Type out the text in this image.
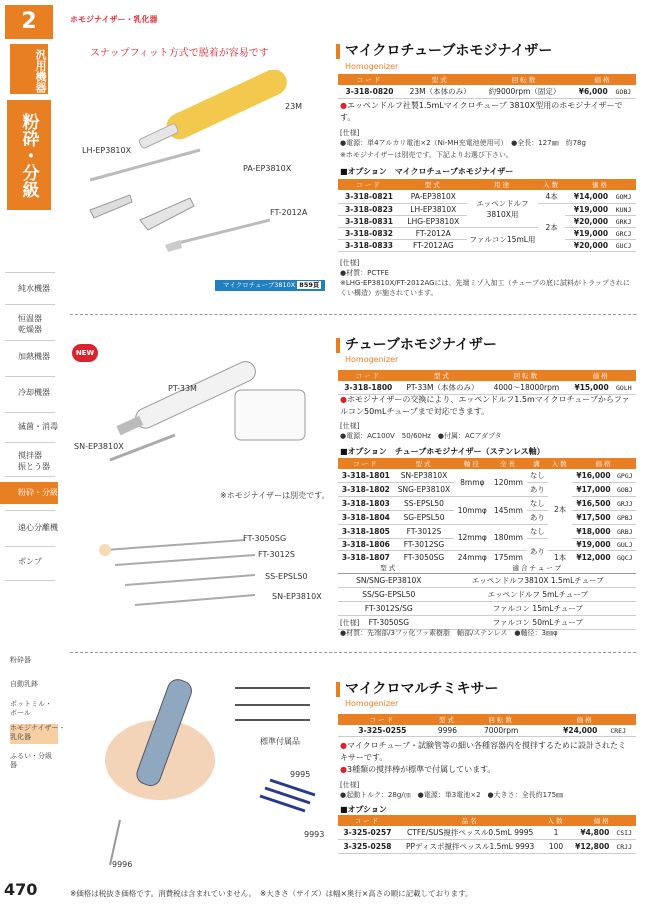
2
汎用機器
粉砕・分級
純水機器
恒温器
乾燥器
加熱機器
冷却機器
滅菌・消毒
撹拌器
振とう器
粉砕・分級
遠心分離機
ポンプ
粉砕器
自動乳鉢
ポットミル・
ボール
ホモジナイザー・
乳化器
ふるい・分級器
470	※価格は税抜き価格です。消費税は含まれていません。　※大きさ（サイズ）は幅×奥行×高さの順に記載しております。
ホモジナイザー・乳化器
スナップフィット方式で脱着が容易です
23M
LH-EP3810X
PA-EP3810X
FT-2012A
マイクロチューブ3810X 859頁
マイクロチューブホモジナイザー
Homogenizer
コード	型式	回転数	価格	
3-318-0820	23M（本体のみ）	約9000rpm（固定）	¥6,000	GOBJ
●エッペンドルフ社製1.5mLマイクロチューブ 3810X型用のホモジナイザーです。
[仕様]
●電源：単4アルカリ電池×2（Ni-MH充電池使用可）　●全長：127㎜　約78g
※ホモジナイザーは別売です。下記よりお選び下さい。
■オプション　マイクロチューブホモジナイザー
コード	型式	用途	入数	価格	
3-318-0821	PA-EP3810X	エッペンドルフ3810X用	4本	¥14,000	GOMJ
3-318-0823	LH-EP3810X		2本	¥19,000	KUNJ
3-318-0831	LHG-EP3810X			¥20,000	GRKJ
3-318-0832	FT-2012A	ファルコン15mL用		¥19,000	GRCJ
3-318-0833	FT-2012AG			¥20,000	GUCJ
[仕様]
●材質：PCTFE
※LHG-EP3810X/FT-2012AGには、先端ミゾ入加工（チューブの底に試料がトラップされにくい構造）が施されています。
NEW
PT-33M
SN-EP3810X
※ホモジナイザーは別売です。
FT-3050SG
FT-3012S
SS-EPSL50
SN-EP3810X
チューブホモジナイザー
Homogenizer
コード	型式	回転数	価格	
3-318-1800	PT-33M（本体のみ）	4000〜18000rpm	¥15,000	GOLH
●ホモジナイザーの交換により、エッペンドルフ1.5mマイクロチューブからファルコン50mLチューブまで対応できます。
[仕様]
●電源：AC100V　50/60Hz　●付属：ACアダプタ
■オプション　チューブホモジナイザー（ステンレス軸）
コード	型式	軸径	全長	溝	入数	価格	
3-318-1801	SN-EP3810X	8mmφ	120mm	なし	2本	¥16,000	GPGJ
3-318-1802	SNG-EP3810X			あり		¥17,000	GOBJ
3-318-1803	SS-EPSL50	10mmφ	145mm	なし		¥16,500	GRJJ
3-318-1804	SG-EPSL50			あり		¥17,500	GPBJ
3-318-1805	FT-3012S	12mmφ	180mm	なし		¥18,000	GRBJ
3-318-1806	FT-3012SG			あり		¥19,000	GULJ
3-318-1807	FT-3050SG	24mmφ	175mm		1本	¥12,000	GQCJ
型式	適合チューブ
SN/SNG-EP3810X	エッペンドルフ3810X 1.5mLチューブ
SS/SG-EPSL50	エッペンドルフ 5mLチューブ
FT-3012S/SG	ファルコン 15mLチューブ
FT-3050SG	ファルコン 50mLチューブ
[仕様]
●材質：先端部/3フッ化フッ素樹脂　軸部/ステンレス　●軸径：3㎜φ
標準付属品
9995
9993
9996
マイクロマルチミキサー
Homogenizer
コード	型式	回転数	価格	
3-325-0255	9996	7000rpm	¥24,000	CREJ
●マイクロチューブ・試験管等の細い各種容器内を撹拌するために設計されたミキサーです。
●3種類の撹拌棒が標準で付属しています。
[仕様]
●起動トルク：28g/㎝　●電源：単3電池×2　●大きさ：全長約175㎜
■オプション
コード	品名	入数	価格	
3-325-0257	CTFE/SUS撹拌ペッスル0.5mL 9995	1	¥4,800	CSIJ
3-325-0258	PPディスポ撹拌ペッスル1.5mL 9993	100	¥12,800	CRJJ
